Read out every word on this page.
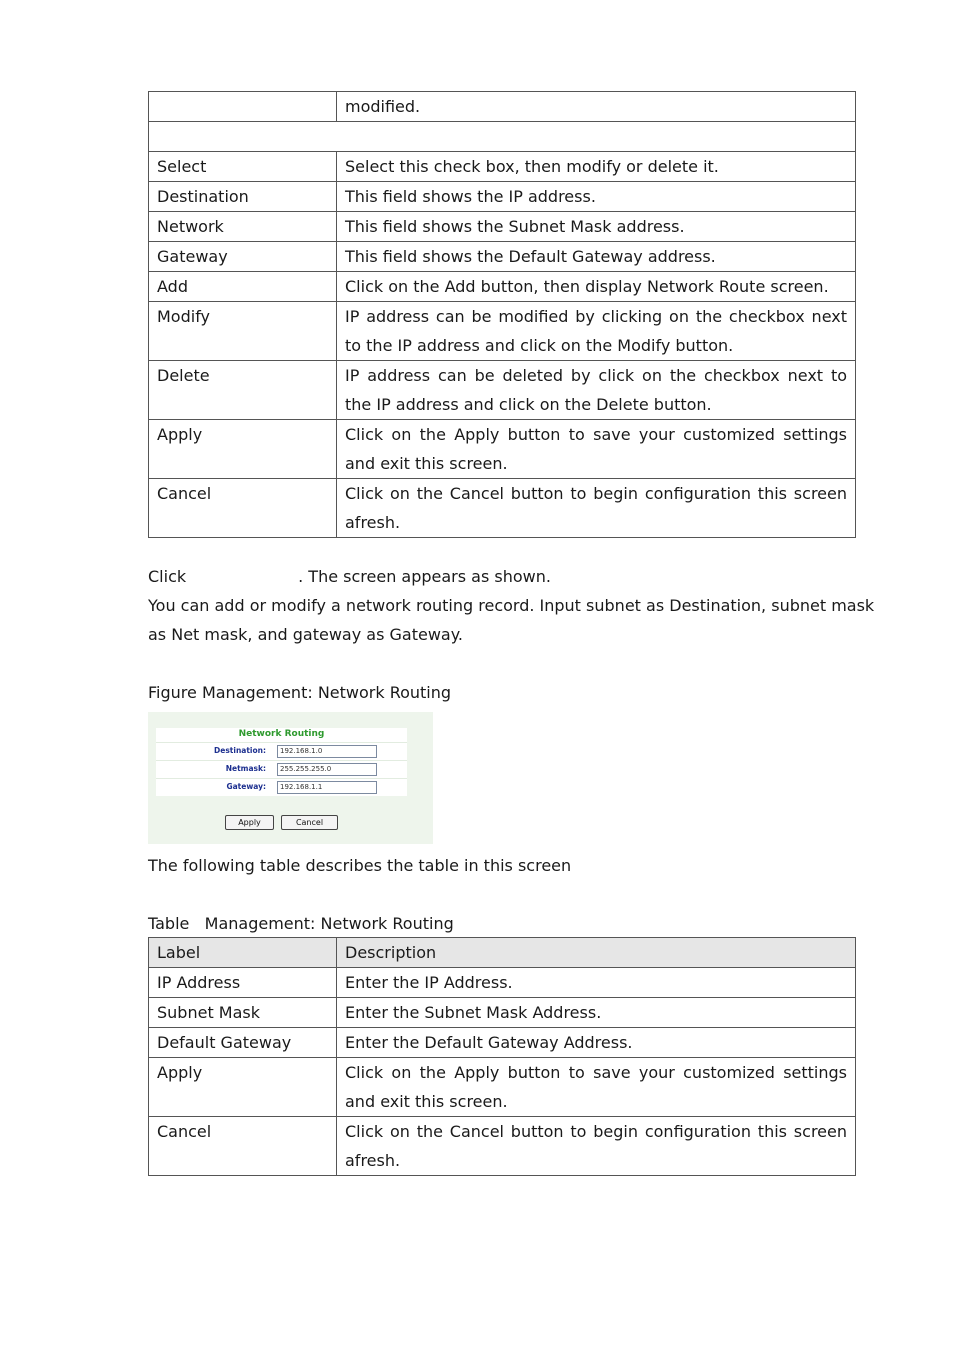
	modified.

Select	Select this check box, then modify or delete it.
Destination	This field shows the IP address.
Network	This field shows the Subnet Mask address.
Gateway	This field shows the Default Gateway address.
Add	Click on the Add button, then display Network Route screen.
Modify	IP address can be modified by clicking on the checkbox next to the IP address and click on the Modify button.
Delete	IP address can be deleted by click on the checkbox next to the IP address and click on the Delete button.
Apply	Click on the Apply button to save your customized settings and exit this screen.
Cancel	Click on the Cancel button to begin configuration this screen afresh.
Click	. The screen appears as shown.
You can add or modify a network routing record. Input subnet as Destination, subnet mask as Net mask, and gateway as Gateway.
Figure Management: Network Routing
Network Routing
Destination:	192.168.1.0
Netmask:	255.255.255.0
Gateway:	192.168.1.1
Apply	Cancel
The following table describes the table in this screen
Table   Management: Network Routing
Label	Description
IP Address	Enter the IP Address.
Subnet Mask	Enter the Subnet Mask Address.
Default Gateway	Enter the Default Gateway Address.
Apply	Click on the Apply button to save your customized settings and exit this screen.
Cancel	Click on the Cancel button to begin configuration this screen afresh.
